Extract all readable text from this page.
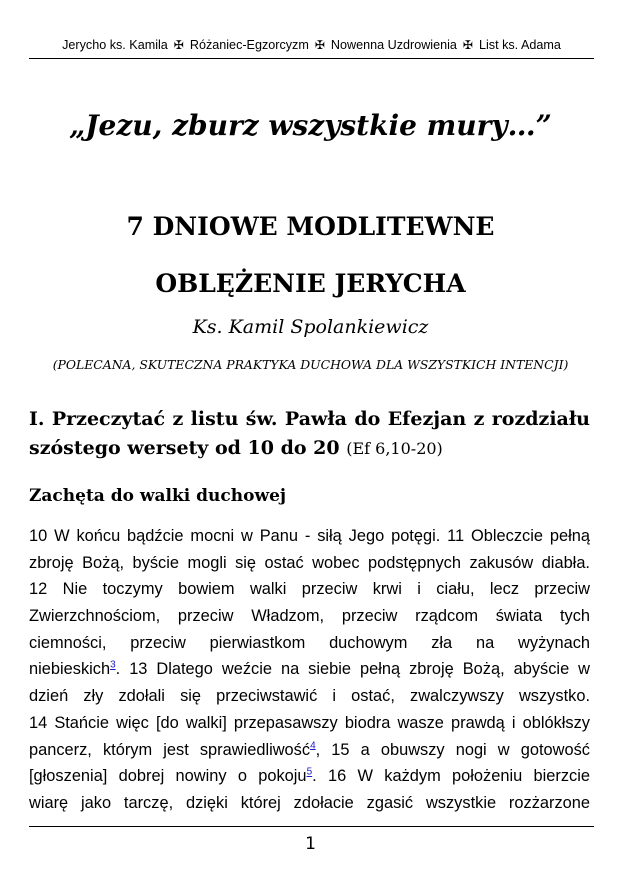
Jerycho ks. Kamila ✠ Różaniec-Egzorcyzm ✠ Nowenna Uzdrowienia ✠ List ks. Adama
„Jezu, zburz wszystkie mury…”
7 DNIOWE MODLITEWNE
OBLĘŻENIE JERYCHA
Ks. Kamil Spolankiewicz
(POLECANA, SKUTECZNA PRAKTYKA DUCHOWA DLA WSZYSTKICH INTENCJI)
I. Przeczytać z listu św. Pawła do Efezjan z rozdziału
szóstego wersety od 10 do 20 (Ef 6,10-20)
Zachęta do walki duchowej
10 W końcu bądźcie mocni w Panu - siłą Jego potęgi. 11 Obleczcie pełną
zbroję Bożą, byście mogli się ostać wobec podstępnych zakusów diabła.
12 Nie toczymy bowiem walki przeciw krwi i ciału, lecz przeciw
Zwierzchnościom, przeciw Władzom, przeciw rządcom świata tych
ciemności, przeciw pierwiastkom duchowym zła na wyżynach
niebieskich$^3$. 13 Dlatego weźcie na siebie pełną zbroję Bożą, abyście w
dzień zły zdołali się przeciwstawić i ostać, zwalczywszy wszystko.
14 Stańcie więc [do walki] przepasawszy biodra wasze prawdą i oblókłszy
pancerz, którym jest sprawiedliwość$^4$, 15 a obuwszy nogi w gotowość
[głoszenia] dobrej nowiny o pokoju$^5$. 16 W każdym położeniu bierzcie
wiarę jako tarczę, dzięki której zdołacie zgasić wszystkie rozżarzone
1
